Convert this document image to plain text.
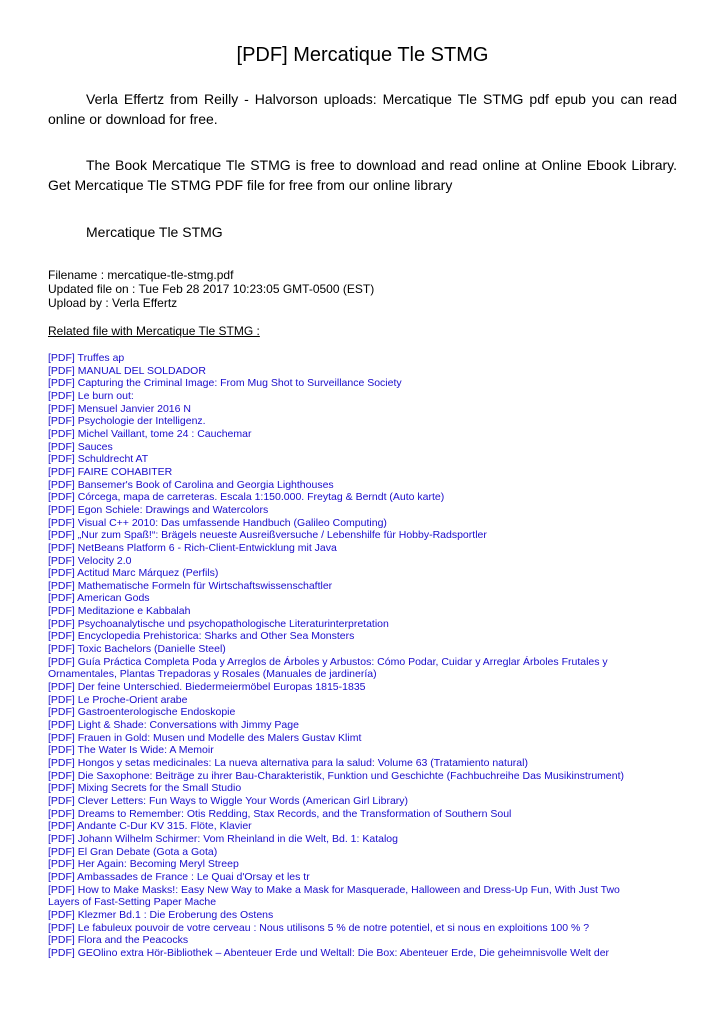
[PDF] Mercatique Tle STMG

Verla Effertz from Reilly - Halvorson uploads: Mercatique Tle STMG pdf epub you can read online or download for free.

The Book Mercatique Tle STMG is free to download and read online at Online Ebook Library. Get Mercatique Tle STMG PDF file for free from our online library

Mercatique Tle STMG

Filename : mercatique-tle-stmg.pdf
Updated file on : Tue Feb 28 2017 10:23:05 GMT-0500 (EST)
Upload by : Verla Effertz
Related file with Mercatique Tle STMG :
[PDF] Truffes ap
[PDF] MANUAL DEL SOLDADOR
[PDF] Capturing the Criminal Image: From Mug Shot to Surveillance Society
[PDF] Le burn out:
[PDF] Mensuel Janvier 2016 N
[PDF] Psychologie der Intelligenz.
[PDF] Michel Vaillant, tome 24 : Cauchemar
[PDF] Sauces
[PDF] Schuldrecht AT
[PDF] FAIRE COHABITER
[PDF] Bansemer's Book of Carolina and Georgia Lighthouses
[PDF] Córcega, mapa de carreteras. Escala 1:150.000. Freytag & Berndt (Auto karte)
[PDF] Egon Schiele: Drawings and Watercolors
[PDF] Visual C++ 2010: Das umfassende Handbuch (Galileo Computing)
[PDF] „Nur zum Spaß!“: Brägels neueste Ausreißversuche / Lebenshilfe für Hobby-Radsportler
[PDF] NetBeans Platform 6 - Rich-Client-Entwicklung mit Java
[PDF] Velocity 2.0
[PDF] Actitud Marc Márquez (Perfils)
[PDF] Mathematische Formeln für Wirtschaftswissenschaftler
[PDF] American Gods
[PDF] Meditazione e Kabbalah
[PDF] Psychoanalytische und psychopathologische Literaturinterpretation
[PDF] Encyclopedia Prehistorica: Sharks and Other Sea Monsters
[PDF] Toxic Bachelors (Danielle Steel)
[PDF] Guía Práctica Completa Poda y Arreglos de Árboles y Arbustos: Cómo Podar, Cuidar y Arreglar Árboles Frutales y Ornamentales, Plantas Trepadoras y Rosales (Manuales de jardinería)
[PDF] Der feine Unterschied. Biedermeiermöbel Europas 1815-1835
[PDF] Le Proche-Orient arabe
[PDF] Gastroenterologische Endoskopie
[PDF] Light & Shade: Conversations with Jimmy Page
[PDF] Frauen in Gold: Musen und Modelle des Malers Gustav Klimt
[PDF] The Water Is Wide: A Memoir
[PDF] Hongos y setas medicinales: La nueva alternativa para la salud: Volume 63 (Tratamiento natural)
[PDF] Die Saxophone: Beiträge zu ihrer Bau-Charakteristik, Funktion und Geschichte (Fachbuchreihe Das Musikinstrument)
[PDF] Mixing Secrets for the Small Studio
[PDF] Clever Letters: Fun Ways to Wiggle Your Words (American Girl Library)
[PDF] Dreams to Remember: Otis Redding, Stax Records, and the Transformation of Southern Soul
[PDF] Andante C-Dur KV 315. Flöte, Klavier
[PDF] Johann Wilhelm Schirmer: Vom Rheinland in die Welt, Bd. 1: Katalog
[PDF] El Gran Debate (Gota a Gota)
[PDF] Her Again: Becoming Meryl Streep
[PDF] Ambassades de France : Le Quai d'Orsay et les tr
[PDF] How to Make Masks!: Easy New Way to Make a Mask for Masquerade, Halloween and Dress-Up Fun, With Just Two Layers of Fast-Setting Paper Mache
[PDF] Klezmer Bd.1 : Die Eroberung des Ostens
[PDF] Le fabuleux pouvoir de votre cerveau : Nous utilisons 5 % de notre potentiel, et si nous en exploitions 100 % ?
[PDF] Flora and the Peacocks
[PDF] GEOlino extra Hör-Bibliothek – Abenteuer Erde und Weltall: Die Box: Abenteuer Erde, Die geheimnisvolle Welt der
